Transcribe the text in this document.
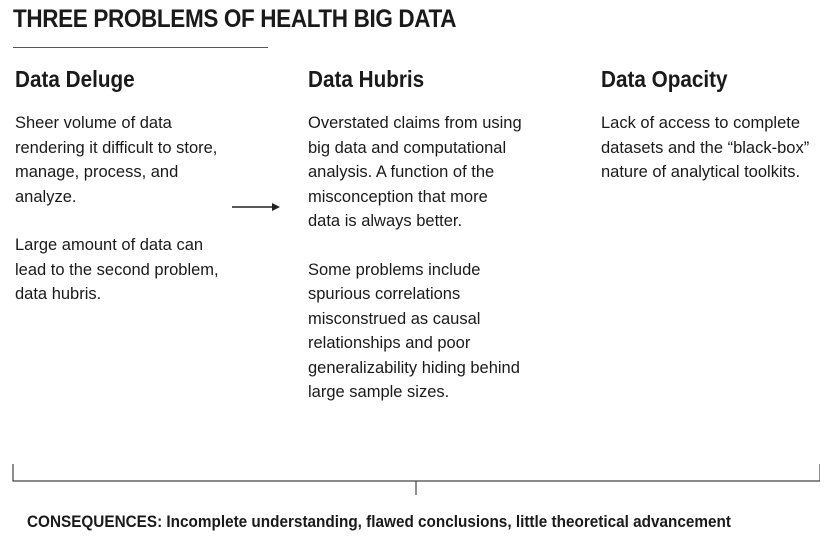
THREE PROBLEMS OF HEALTH BIG DATA
Data Deluge

Sheer volume of data rendering it difficult to store, manage, process, and analyze.

Large amount of data can lead to the second problem, data hubris.

Data Hubris

Overstated claims from using big data and computational analysis. A function of the misconception that more data is always better.

Some problems include spurious correlations misconstrued as causal relationships and poor generalizability hiding behind large sample sizes.

Data Opacity

Lack of access to complete datasets and the “black-box” nature of analytical toolkits.

CONSEQUENCES: Incomplete understanding, flawed conclusions, little theoretical advancement
